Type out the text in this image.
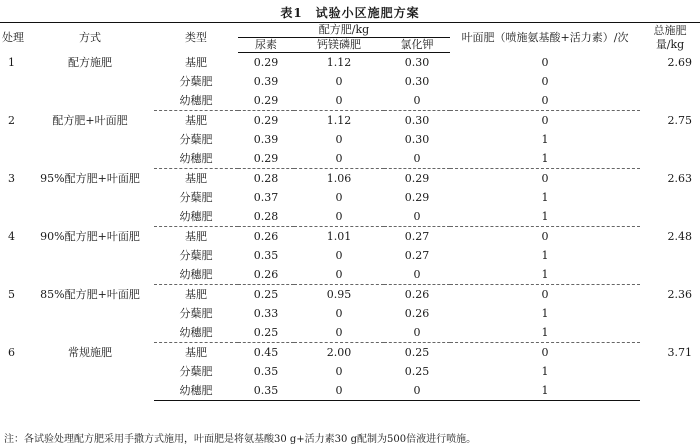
表1　试验小区施肥方案
处理	方式	类型	配方肥/kg			叶面肥（喷施氨基酸+活力素）/次	总施肥量/kg
			尿素	钙镁磷肥	氯化钾		
1	配方施肥	基肥	0.29	1.12	0.30	0	2.69
		分蘖肥	0.39	0	0.30	0	
		幼穗肥	0.29	0	0	0	
2	配方肥+叶面肥	基肥	0.29	1.12	0.30	0	2.75
		分蘖肥	0.39	0	0.30	1	
		幼穗肥	0.29	0	0	1	
3	95%配方肥+叶面肥	基肥	0.28	1.06	0.29	0	2.63
		分蘖肥	0.37	0	0.29	1	
		幼穗肥	0.28	0	0	1	
4	90%配方肥+叶面肥	基肥	0.26	1.01	0.27	0	2.48
		分蘖肥	0.35	0	0.27	1	
		幼穗肥	0.26	0	0	1	
5	85%配方肥+叶面肥	基肥	0.25	0.95	0.26	0	2.36
		分蘖肥	0.33	0	0.26	1	
		幼穗肥	0.25	0	0	1	
6	常规施肥	基肥	0.45	2.00	0.25	0	3.71
		分蘖肥	0.35	0	0.25	1	
		幼穗肥	0.35	0	0	1	
注：各试验处理配方肥采用手撒方式施用，叶面肥是将氨基酸30 g+活力素30 g配制为500倍液进行喷施。
